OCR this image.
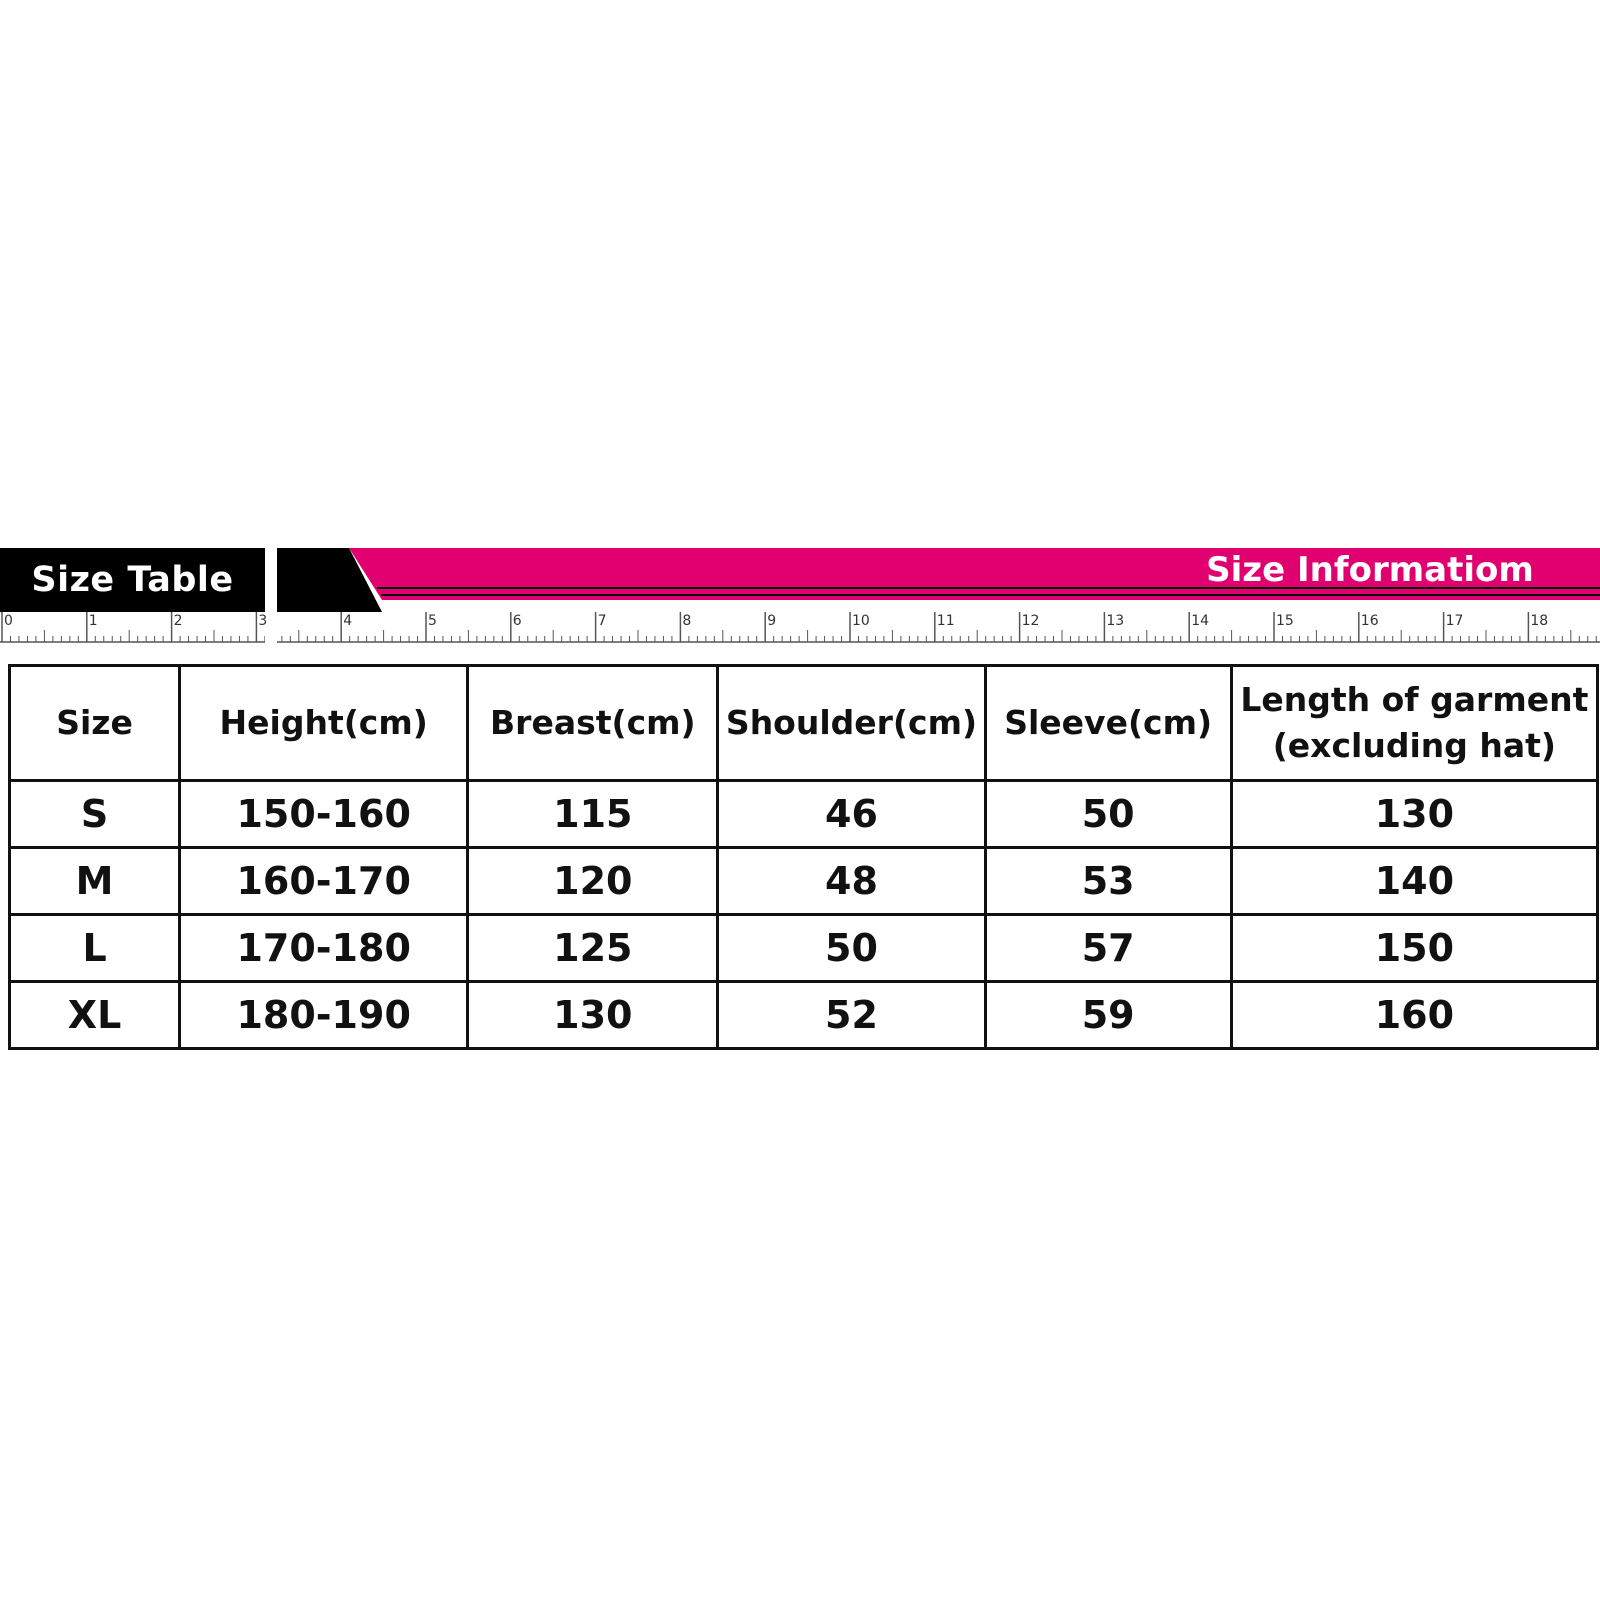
Size Table	Size Informatiom
0	1	2	3	4	5	6	7	8	9	10	11	12	13	14	15	16	17	18
Size	Height(cm)	Breast(cm)	Shoulder(cm)	Sleeve(cm)	Length of garment
(excluding hat)

S	150-160	115	46	50	130
M	160-170	120	48	53	140
L	170-180	125	50	57	150
XL	180-190	130	52	59	160
